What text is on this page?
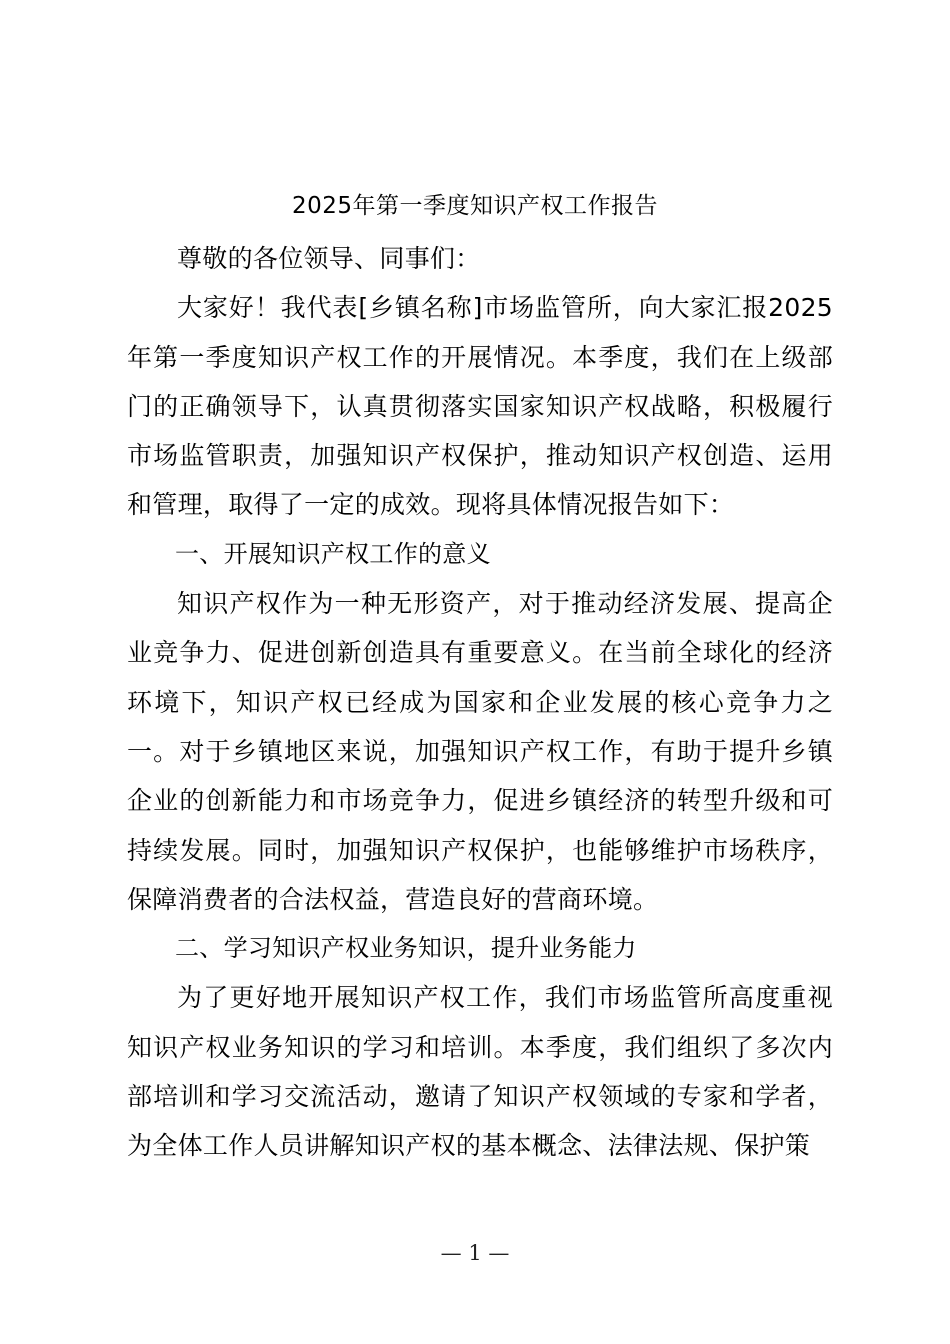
2025年第一季度知识产权工作报告

尊敬的各位领导、同事们：

大家好！我代表[乡镇名称]市场监管所，向大家汇报2025年第一季度知识产权工作的开展情况。本季度，我们在上级部门的正确领导下，认真贯彻落实国家知识产权战略，积极履行市场监管职责，加强知识产权保护，推动知识产权创造、运用和管理，取得了一定的成效。现将具体情况报告如下：

一、开展知识产权工作的意义

知识产权作为一种无形资产，对于推动经济发展、提高企业竞争力、促进创新创造具有重要意义。在当前全球化的经济环境下，知识产权已经成为国家和企业发展的核心竞争力之一。对于乡镇地区来说，加强知识产权工作，有助于提升乡镇企业的创新能力和市场竞争力，促进乡镇经济的转型升级和可持续发展。同时，加强知识产权保护，也能够维护市场秩序，保障消费者的合法权益，营造良好的营商环境。

二、学习知识产权业务知识，提升业务能力

为了更好地开展知识产权工作，我们市场监管所高度重视知识产权业务知识的学习和培训。本季度，我们组织了多次内部培训和学习交流活动，邀请了知识产权领域的专家和学者，为全体工作人员讲解知识产权的基本概念、法律法规、保护策

— 1 —
